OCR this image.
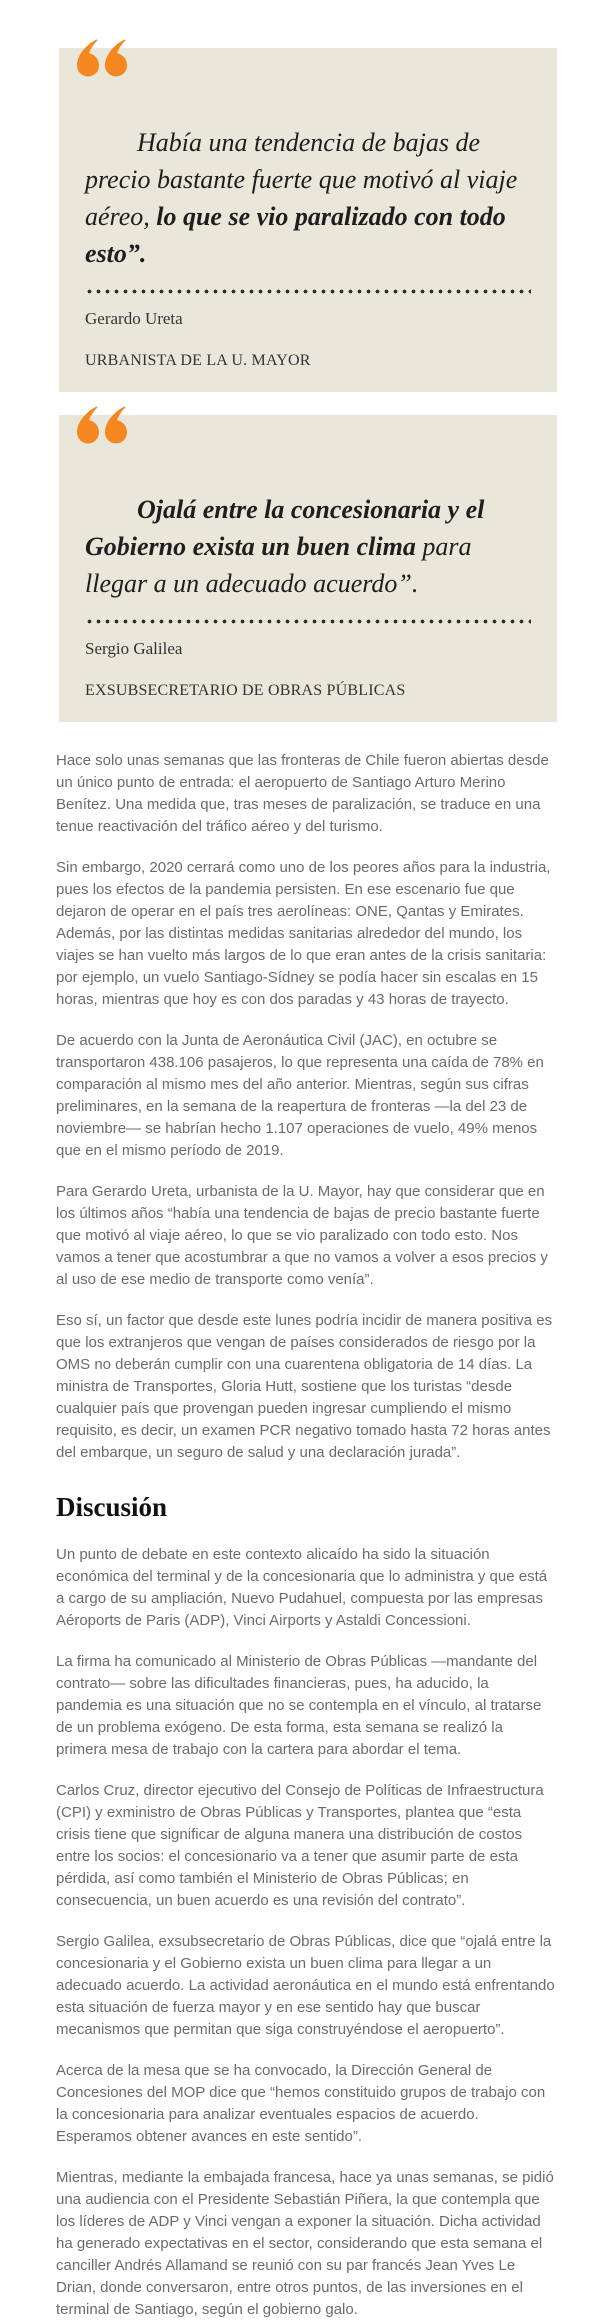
Había una tendencia de bajas de precio bastante fuerte que motivó al viaje aéreo, lo que se vio paralizado con todo esto”.
Gerardo Ureta
URBANISTA DE LA U. MAYOR
Ojalá entre la concesionaria y el Gobierno exista un buen clima para llegar a un adecuado acuerdo”.
Sergio Galilea
EXSUBSECRETARIO DE OBRAS PÚBLICAS

Hace solo unas semanas que las fronteras de Chile fueron abiertas desde un único punto de entrada: el aeropuerto de Santiago Arturo Merino Benítez. Una medida que, tras meses de paralización, se traduce en una tenue reactivación del tráfico aéreo y del turismo.

Sin embargo, 2020 cerrará como uno de los peores años para la industria, pues los efectos de la pandemia persisten. En ese escenario fue que dejaron de operar en el país tres aerolíneas: ONE, Qantas y Emirates. Además, por las distintas medidas sanitarias alrededor del mundo, los viajes se han vuelto más largos de lo que eran antes de la crisis sanitaria: por ejemplo, un vuelo Santiago-Sídney se podía hacer sin escalas en 15 horas, mientras que hoy es con dos paradas y 43 horas de trayecto.

De acuerdo con la Junta de Aeronáutica Civil (JAC), en octubre se transportaron 438.106 pasajeros, lo que representa una caída de 78% en comparación al mismo mes del año anterior. Mientras, según sus cifras preliminares, en la semana de la reapertura de fronteras —la del 23 de noviembre— se habrían hecho 1.107 operaciones de vuelo, 49% menos que en el mismo período de 2019.

Para Gerardo Ureta, urbanista de la U. Mayor, hay que considerar que en los últimos años “había una tendencia de bajas de precio bastante fuerte que motivó al viaje aéreo, lo que se vio paralizado con todo esto. Nos vamos a tener que acostumbrar a que no vamos a volver a esos precios y al uso de ese medio de transporte como venía”.

Eso sí, un factor que desde este lunes podría incidir de manera positiva es que los extranjeros que vengan de países considerados de riesgo por la OMS no deberán cumplir con una cuarentena obligatoria de 14 días. La ministra de Transportes, Gloria Hutt, sostiene que los turistas “desde cualquier país que provengan pueden ingresar cumpliendo el mismo requisito, es decir, un examen PCR negativo tomado hasta 72 horas antes del embarque, un seguro de salud y una declaración jurada”.

Discusión

Un punto de debate en este contexto alicaído ha sido la situación económica del terminal y de la concesionaria que lo administra y que está a cargo de su ampliación, Nuevo Pudahuel, compuesta por las empresas Aéroports de Paris (ADP), Vinci Airports y Astaldi Concessioni.

La firma ha comunicado al Ministerio de Obras Públicas —mandante del contrato— sobre las dificultades financieras, pues, ha aducido, la pandemia es una situación que no se contempla en el vínculo, al tratarse de un problema exógeno. De esta forma, esta semana se realizó la primera mesa de trabajo con la cartera para abordar el tema.

Carlos Cruz, director ejecutivo del Consejo de Políticas de Infraestructura (CPI) y exministro de Obras Públicas y Transportes, plantea que “esta crisis tiene que significar de alguna manera una distribución de costos entre los socios: el concesionario va a tener que asumir parte de esta pérdida, así como también el Ministerio de Obras Públicas; en consecuencia, un buen acuerdo es una revisión del contrato”.

Sergio Galilea, exsubsecretario de Obras Públicas, dice que “ojalá entre la concesionaria y el Gobierno exista un buen clima para llegar a un adecuado acuerdo. La actividad aeronáutica en el mundo está enfrentando esta situación de fuerza mayor y en ese sentido hay que buscar mecanismos que permitan que siga construyéndose el aeropuerto”.

Acerca de la mesa que se ha convocado, la Dirección General de Concesiones del MOP dice que “hemos constituido grupos de trabajo con la concesionaria para analizar eventuales espacios de acuerdo. Esperamos obtener avances en este sentido”.

Mientras, mediante la embajada francesa, hace ya unas semanas, se pidió una audiencia con el Presidente Sebastián Piñera, la que contempla que los líderes de ADP y Vinci vengan a exponer la situación. Dicha actividad ha generado expectativas en el sector, considerando que esta semana el canciller Andrés Allamand se reunió con su par francés Jean Yves Le Drian, donde conversaron, entre otros puntos, de las inversiones en el terminal de Santiago, según el gobierno galo.
